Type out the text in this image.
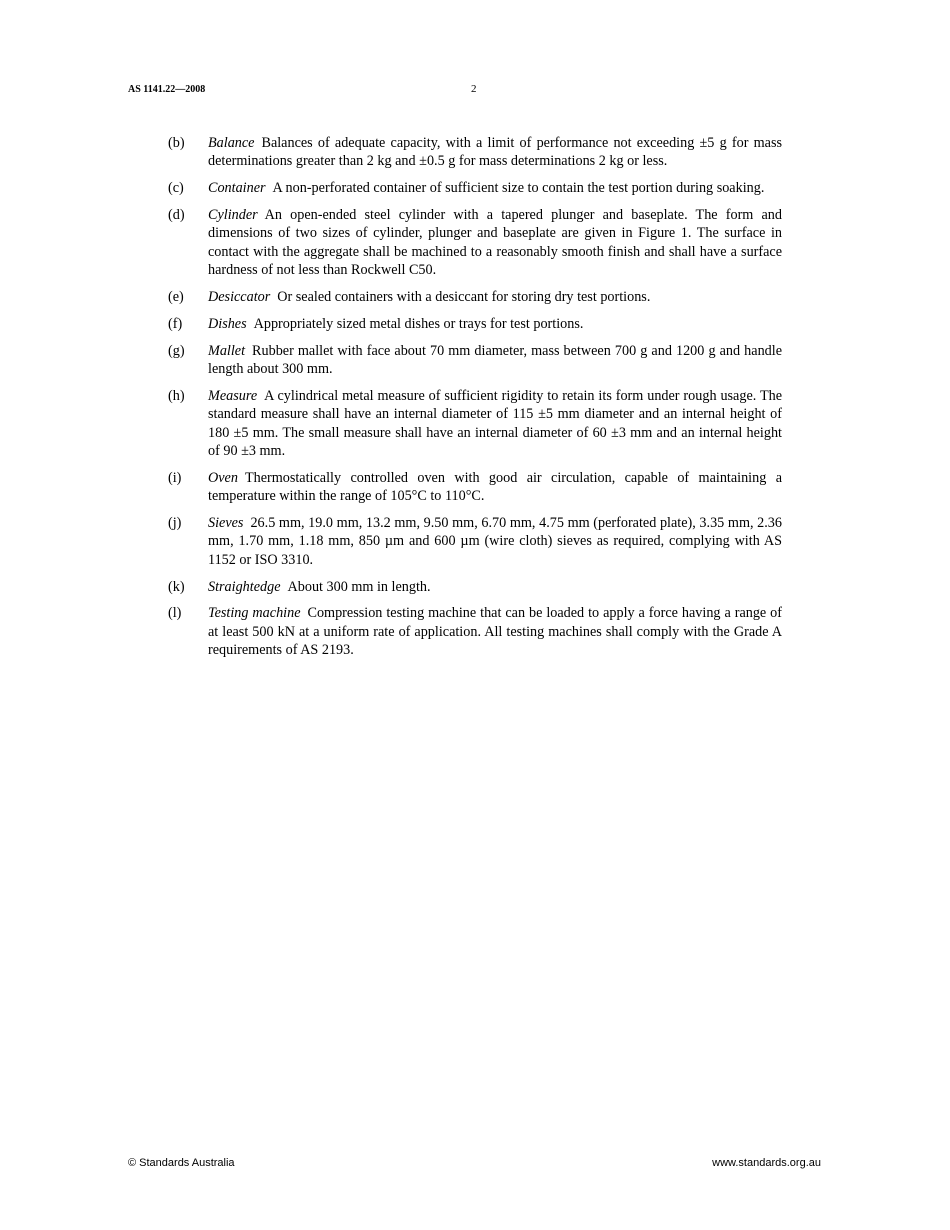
AS 1141.22—2008	2
(b) Balance Balances of adequate capacity, with a limit of performance not exceeding ±5 g for mass determinations greater than 2 kg and ±0.5 g for mass determinations 2 kg or less.
(c) Container A non-perforated container of sufficient size to contain the test portion during soaking.
(d) Cylinder An open-ended steel cylinder with a tapered plunger and baseplate. The form and dimensions of two sizes of cylinder, plunger and baseplate are given in Figure 1. The surface in contact with the aggregate shall be machined to a reasonably smooth finish and shall have a surface hardness of not less than Rockwell C50.
(e) Desiccator Or sealed containers with a desiccant for storing dry test portions.
(f) Dishes Appropriately sized metal dishes or trays for test portions.
(g) Mallet Rubber mallet with face about 70 mm diameter, mass between 700 g and 1200 g and handle length about 300 mm.
(h) Measure A cylindrical metal measure of sufficient rigidity to retain its form under rough usage. The standard measure shall have an internal diameter of 115 ±5 mm diameter and an internal height of 180 ±5 mm. The small measure shall have an internal diameter of 60 ±3 mm and an internal height of 90 ±3 mm.
(i) Oven Thermostatically controlled oven with good air circulation, capable of maintaining a temperature within the range of 105°C to 110°C.
(j) Sieves 26.5 mm, 19.0 mm, 13.2 mm, 9.50 mm, 6.70 mm, 4.75 mm (perforated plate), 3.35 mm, 2.36 mm, 1.70 mm, 1.18 mm, 850 µm and 600 µm (wire cloth) sieves as required, complying with AS 1152 or ISO 3310.
(k) Straightedge About 300 mm in length.
(l) Testing machine Compression testing machine that can be loaded to apply a force having a range of at least 500 kN at a uniform rate of application. All testing machines shall comply with the Grade A requirements of AS 2193.
© Standards Australia	www.standards.org.au
